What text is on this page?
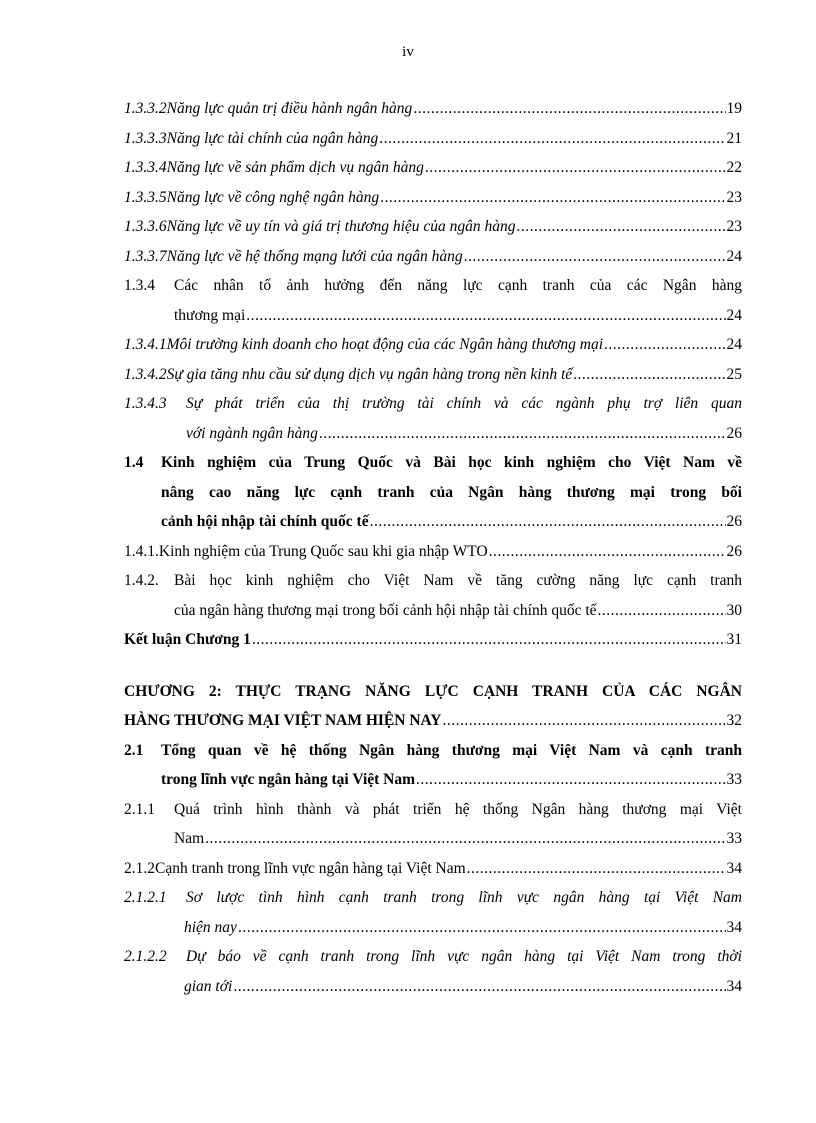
iv
1.3.3.2 Năng lực quản trị điều hành ngân hàng .....	19
1.3.3.3 Năng lực tài chính của ngân hàng .....	21
1.3.3.4 Năng lực về sản phẩm dịch vụ ngân hàng .....	22
1.3.3.5 Năng lực về công nghệ ngân hàng .....	23
1.3.3.6 Năng lực về uy tín và giá trị thương hiệu của ngân hàng .....	23
1.3.3.7 Năng lực về hệ thống mạng lưới của ngân hàng .....	24
1.3.4	Các nhân tố ảnh hưởng đến năng lực cạnh tranh của các Ngân hàng
thương mại .....	24
1.3.4.1 Môi trường kinh doanh cho hoạt động của các Ngân hàng thương mại .....	24
1.3.4.2 Sự gia tăng nhu cầu sử dụng dịch vụ ngân hàng trong nền kinh tế .....	25
1.3.4.3	Sự phát triển của thị trường tài chính và các ngành phụ trợ liên quan
với ngành ngân hàng .....	26
1.4	Kinh nghiệm của Trung Quốc và Bài học kinh nghiệm cho Việt Nam về
nâng cao năng lực cạnh tranh của Ngân hàng thương mại trong bối
cảnh hội nhập tài chính quốc tế .....	26
1.4.1. Kinh nghiệm của Trung Quốc sau khi gia nhập WTO .....	26
1.4.2. Bài học kinh nghiệm cho Việt Nam về tăng cường năng lực cạnh tranh
của ngân hàng thương mại trong bối cảnh hội nhập tài chính quốc tế .....	30
Kết luận Chương 1 .....	31
CHƯƠNG 2: THỰC TRẠNG NĂNG LỰC CẠNH TRANH CỦA CÁC NGÂN
HÀNG THƯƠNG MẠI VIỆT NAM HIỆN NAY .....	32
2.1	Tổng quan về hệ thống Ngân hàng thương mại Việt Nam và cạnh tranh
trong lĩnh vực ngân hàng tại Việt Nam .....	33
2.1.1	Quá trình hình thành và phát triển hệ thống Ngân hàng thương mại Việt
Nam .....	33
2.1.2 Cạnh tranh trong lĩnh vực ngân hàng tại Việt Nam .....	34
2.1.2.1	Sơ lược tình hình cạnh tranh trong lĩnh vực ngân hàng tại Việt Nam
hiện nay .....	34
2.1.2.2	Dự báo về cạnh tranh trong lĩnh vực ngân hàng tại Việt Nam trong thời
gian tới .....	34
